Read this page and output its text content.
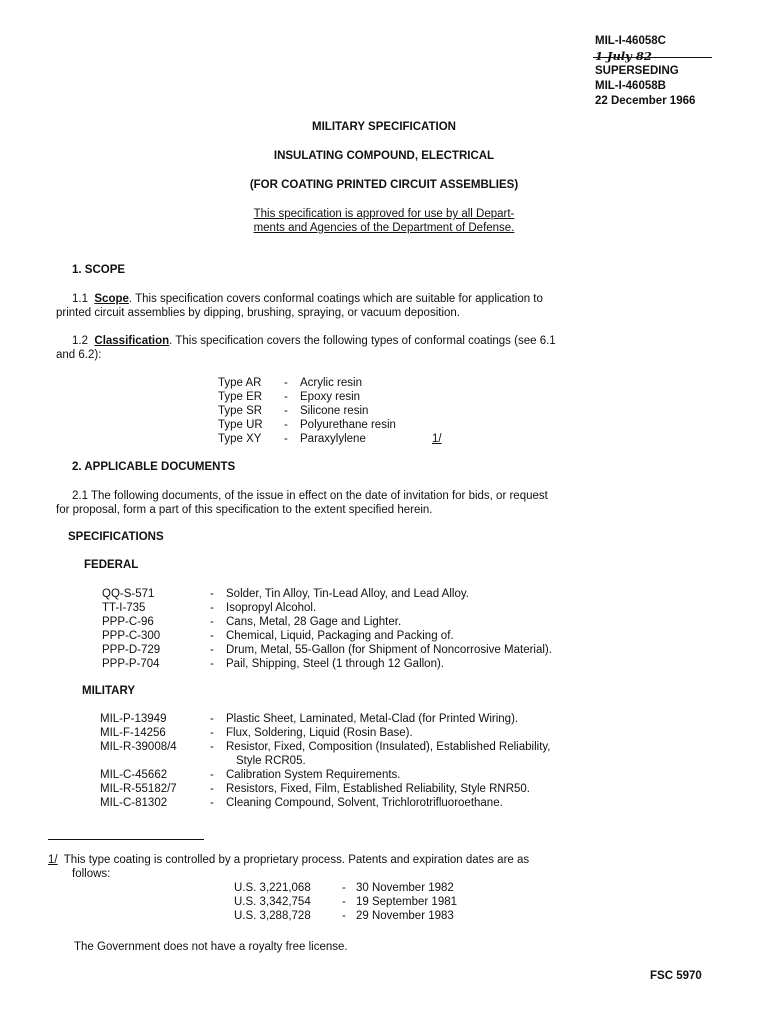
MIL-I-46058C
1 July 82
SUPERSEDING
MIL-I-46058B
22 December 1966
MILITARY SPECIFICATION
INSULATING COMPOUND, ELECTRICAL
(FOR COATING PRINTED CIRCUIT ASSEMBLIES)
This specification is approved for use by all Depart-
ments and Agencies of the Department of Defense.
1. SCOPE
1.1 Scope. This specification covers conformal coatings which are suitable for application to
printed circuit assemblies by dipping, brushing, spraying, or vacuum deposition.
1.2 Classification. This specification covers the following types of conformal coatings (see 6.1
and 6.2):
Type AR - Acrylic resin
Type ER - Epoxy resin
Type SR - Silicone resin
Type UR - Polyurethane resin
Type XY - Paraxylylene	1/
2. APPLICABLE DOCUMENTS
2.1 The following documents, of the issue in effect on the date of invitation for bids, or request
for proposal, form a part of this specification to the extent specified herein.
SPECIFICATIONS
FEDERAL
QQ-S-571	- Solder, Tin Alloy, Tin-Lead Alloy, and Lead Alloy.
TT-I-735	- Isopropyl Alcohol.
PPP-C-96	- Cans, Metal, 28 Gage and Lighter.
PPP-C-300	- Chemical, Liquid, Packaging and Packing of.
PPP-D-729	- Drum, Metal, 55-Gallon (for Shipment of Noncorrosive Material).
PPP-P-704	- Pail, Shipping, Steel (1 through 12 Gallon).
MILITARY
MIL-P-13949	- Plastic Sheet, Laminated, Metal-Clad (for Printed Wiring).
MIL-F-14256	- Flux, Soldering, Liquid (Rosin Base).
MIL-R-39008/4	- Resistor, Fixed, Composition (Insulated), Established Reliability,
Style RCR05.
MIL-C-45662	- Calibration System Requirements.
MIL-R-55182/7	- Resistors, Fixed, Film, Established Reliability, Style RNR50.
MIL-C-81302	- Cleaning Compound, Solvent, Trichlorotrifluoroethane.
1/ This type coating is controlled by a proprietary process. Patents and expiration dates are as
follows:
U.S. 3,221,068	- 30 November 1982
U.S. 3,342,754	- 19 September 1981
U.S. 3,288,728	- 29 November 1983
The Government does not have a royalty free license.
FSC 5970
